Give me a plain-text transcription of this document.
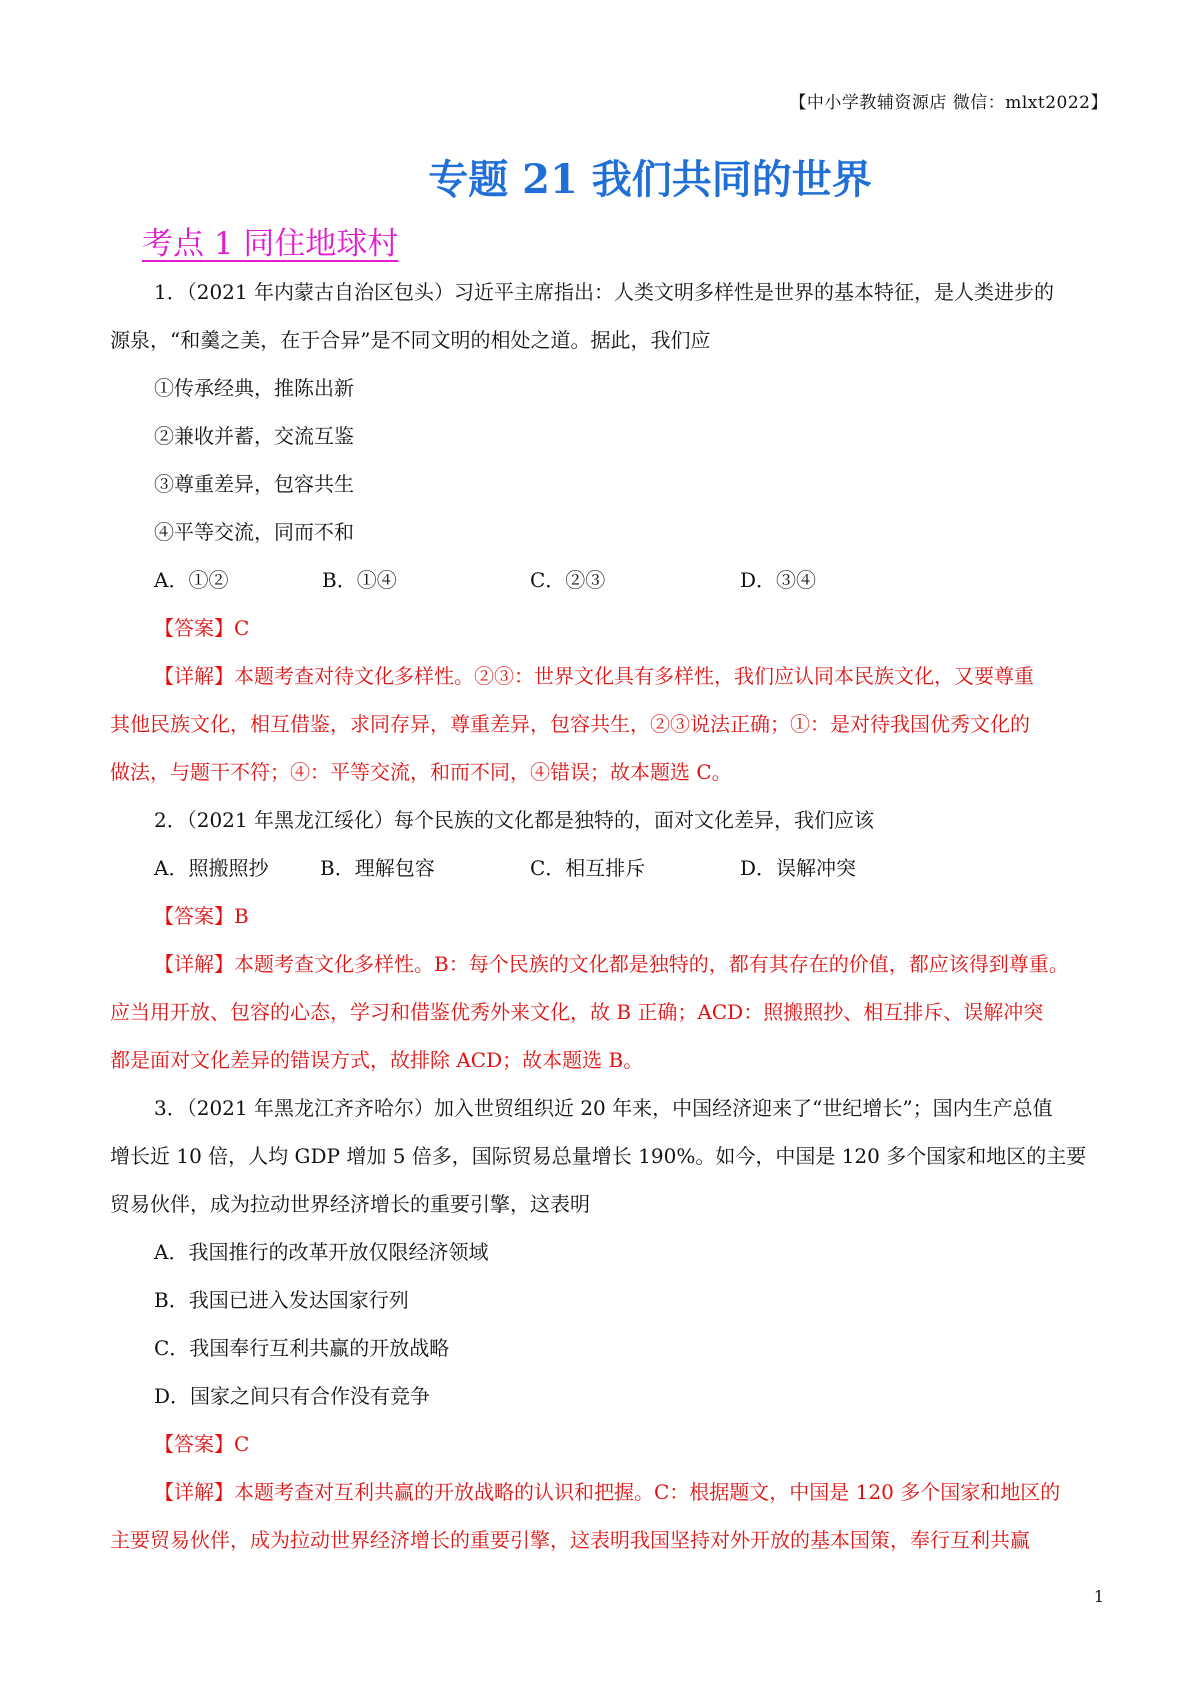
【中小学教辅资源店 微信：mlxt2022】
专题 21 我们共同的世界
考点 1 同住地球村

1．（2021 年内蒙古自治区包头）习近平主席指出：人类文明多样性是世界的基本特征，是人类进步的

源泉，“和羹之美，在于合异”是不同文明的相处之道。据此，我们应

①传承经典，推陈出新

②兼收并蓄，交流互鉴

③尊重差异，包容共生

④平等交流，同而不和

A．①②	B．①④	C．②③	D．③④

【答案】C

【详解】本题考查对待文化多样性。②③：世界文化具有多样性，我们应认同本民族文化，又要尊重

其他民族文化，相互借鉴，求同存异，尊重差异，包容共生，②③说法正确；①：是对待我国优秀文化的

做法，与题干不符；④：平等交流，和而不同，④错误；故本题选 C。

2．（2021 年黑龙江绥化）每个民族的文化都是独特的，面对文化差异，我们应该

A．照搬照抄	B．理解包容	C．相互排斥	D．误解冲突

【答案】B

【详解】本题考查文化多样性。B：每个民族的文化都是独特的，都有其存在的价值，都应该得到尊重。

应当用开放、包容的心态，学习和借鉴优秀外来文化，故 B 正确；ACD：照搬照抄、相互排斥、误解冲突

都是面对文化差异的错误方式，故排除 ACD；故本题选 B。

3．（2021 年黑龙江齐齐哈尔）加入世贸组织近 20 年来，中国经济迎来了“世纪增长”；国内生产总值

增长近 10 倍，人均 GDP 增加 5 倍多，国际贸易总量增长 190%。如今，中国是 120 多个国家和地区的主要

贸易伙伴，成为拉动世界经济增长的重要引擎，这表明

A．我国推行的改革开放仅限经济领域

B．我国已进入发达国家行列

C．我国奉行互利共赢的开放战略

D．国家之间只有合作没有竞争

【答案】C

【详解】本题考查对互利共赢的开放战略的认识和把握。C：根据题文，中国是 120 多个国家和地区的

主要贸易伙伴，成为拉动世界经济增长的重要引擎，这表明我国坚持对外开放的基本国策，奉行互利共赢

1
